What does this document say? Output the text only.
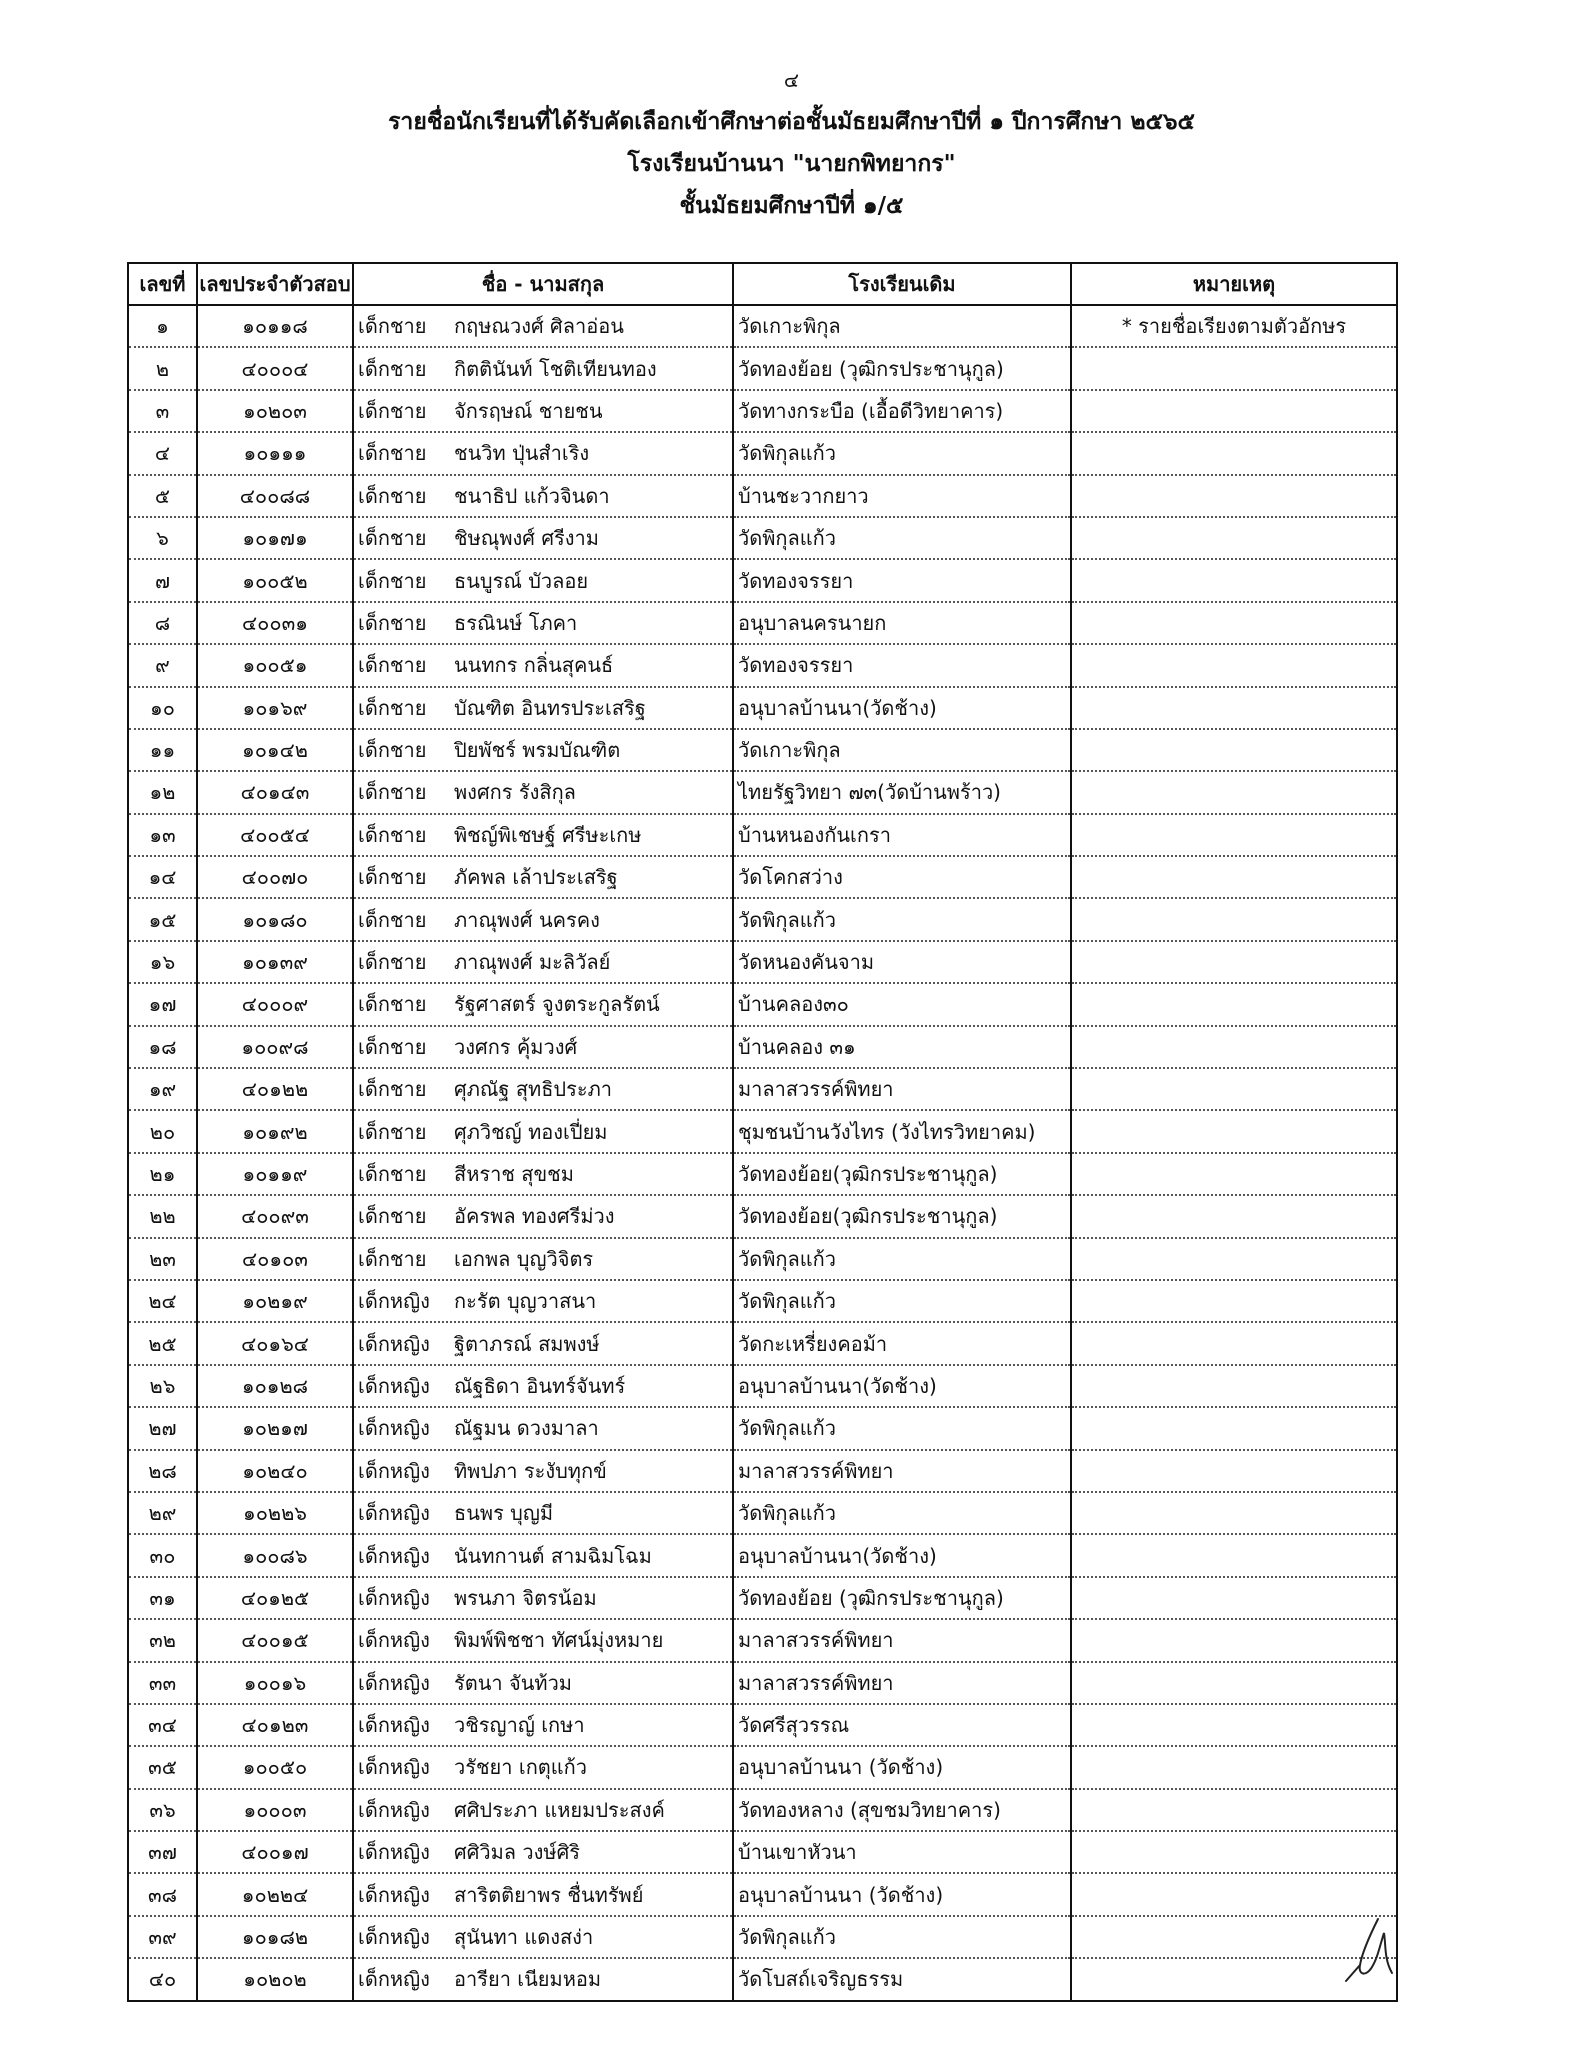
๔
รายชื่อนักเรียนที่ได้รับคัดเลือกเข้าศึกษาต่อชั้นมัธยมศึกษาปีที่ ๑ ปีการศึกษา ๒๕๖๕
โรงเรียนบ้านนา "นายกพิทยากร"
ชั้นมัธยมศึกษาปีที่ ๑/๕
เลขที่	เลขประจำตัวสอบ	ชื่อ - นามสกุล	โรงเรียนเดิม	หมายเหตุ
๑	๑๐๑๑๘	เด็กชาย กฤษณวงศ์ ศิลาอ่อน	วัดเกาะพิกุล	* รายชื่อเรียงตามตัวอักษร
๒	๔๐๐๐๔	เด็กชาย กิตตินันท์ โชติเทียนทอง	วัดทองย้อย (วุฒิกรประชานุกูล)	
๓	๑๐๒๐๓	เด็กชาย จักรฤษณ์ ชายชน	วัดทางกระบือ (เอื้อดีวิทยาคาร)	
๔	๑๐๑๑๑	เด็กชาย ชนวิท ปุ่นสำเริง	วัดพิกุลแก้ว	
๕	๔๐๐๘๘	เด็กชาย ชนาธิป แก้วจินดา	บ้านชะวากยาว	
๖	๑๐๑๗๑	เด็กชาย ชิษณุพงศ์ ศรีงาม	วัดพิกุลแก้ว	
๗	๑๐๐๕๒	เด็กชาย ธนบูรณ์ บัวลอย	วัดทองจรรยา	
๘	๔๐๐๓๑	เด็กชาย ธรณินษ์ โภคา	อนุบาลนครนายก	
๙	๑๐๐๕๑	เด็กชาย นนทกร กลิ่นสุคนธ์	วัดทองจรรยา	
๑๐	๑๐๑๖๙	เด็กชาย บัณฑิต อินทรประเสริฐ	อนุบาลบ้านนา(วัดช้าง)	
๑๑	๑๐๑๔๒	เด็กชาย ปิยพัชร์ พรมบัณฑิต	วัดเกาะพิกุล	
๑๒	๔๐๑๔๓	เด็กชาย พงศกร รังสิกุล	ไทยรัฐวิทยา ๗๓(วัดบ้านพร้าว)	
๑๓	๔๐๐๕๔	เด็กชาย พิชญ์พิเชษฐ์ ศรีษะเกษ	บ้านหนองกันเกรา	
๑๔	๔๐๐๗๐	เด็กชาย ภัคพล เล้าประเสริฐ	วัดโคกสว่าง	
๑๕	๑๐๑๘๐	เด็กชาย ภาณุพงศ์ นครคง	วัดพิกุลแก้ว	
๑๖	๑๐๑๓๙	เด็กชาย ภาณุพงศ์ มะลิวัลย์	วัดหนองคันจาม	
๑๗	๔๐๐๐๙	เด็กชาย รัฐศาสตร์ จูงตระกูลรัตน์	บ้านคลอง๓๐	
๑๘	๑๐๐๙๘	เด็กชาย วงศกร คุ้มวงศ์	บ้านคลอง ๓๑	
๑๙	๔๐๑๒๒	เด็กชาย ศุภณัฐ สุทธิประภา	มาลาสวรรค์พิทยา	
๒๐	๑๐๑๙๒	เด็กชาย ศุภวิชญ์ ทองเปี่ยม	ชุมชนบ้านวังไทร (วังไทรวิทยาคม)	
๒๑	๑๐๑๑๙	เด็กชาย สีหราช สุขชม	วัดทองย้อย(วุฒิกรประชานุกูล)	
๒๒	๔๐๐๙๓	เด็กชาย อัครพล ทองศรีม่วง	วัดทองย้อย(วุฒิกรประชานุกูล)	
๒๓	๔๐๑๐๓	เด็กชาย เอกพล บุญวิจิตร	วัดพิกุลแก้ว	
๒๔	๑๐๒๑๙	เด็กหญิง กะรัต บุญวาสนา	วัดพิกุลแก้ว	
๒๕	๔๐๑๖๔	เด็กหญิง ฐิตาภรณ์ สมพงษ์	วัดกะเหรี่ยงคอม้า	
๒๖	๑๐๑๒๘	เด็กหญิง ณัฐธิดา อินทร์จันทร์	อนุบาลบ้านนา(วัดช้าง)	
๒๗	๑๐๒๑๗	เด็กหญิง ณัฐมน ดวงมาลา	วัดพิกุลแก้ว	
๒๘	๑๐๒๔๐	เด็กหญิง ทิพปภา ระงับทุกข์	มาลาสวรรค์พิทยา	
๒๙	๑๐๒๒๖	เด็กหญิง ธนพร บุญมี	วัดพิกุลแก้ว	
๓๐	๑๐๐๘๖	เด็กหญิง นันทกานต์ สามฉิมโฉม	อนุบาลบ้านนา(วัดช้าง)	
๓๑	๔๐๑๒๕	เด็กหญิง พรนภา จิตรน้อม	วัดทองย้อย (วุฒิกรประชานุกูล)	
๓๒	๔๐๐๑๕	เด็กหญิง พิมพ์พิชชา ทัศน์มุ่งหมาย	มาลาสวรรค์พิทยา	
๓๓	๑๐๐๑๖	เด็กหญิง รัตนา จันท้วม	มาลาสวรรค์พิทยา	
๓๔	๔๐๑๒๓	เด็กหญิง วชิรญาญ์ เกษา	วัดศรีสุวรรณ	
๓๕	๑๐๐๕๐	เด็กหญิง วรัชยา เกตุแก้ว	อนุบาลบ้านนา (วัดช้าง)	
๓๖	๑๐๐๐๓	เด็กหญิง ศศิประภา แหยมประสงค์	วัดทองหลาง (สุขชมวิทยาคาร)	
๓๗	๔๐๐๑๗	เด็กหญิง ศศิวิมล วงษ์ศิริ	บ้านเขาหัวนา	
๓๘	๑๐๒๒๔	เด็กหญิง สาริตติยาพร ชื่นทรัพย์	อนุบาลบ้านนา (วัดช้าง)	
๓๙	๑๐๑๘๒	เด็กหญิง สุนันทา แดงสง่า	วัดพิกุลแก้ว	
๔๐	๑๐๒๐๒	เด็กหญิง อารียา เนียมหอม	วัดโบสถ์เจริญธรรม	
